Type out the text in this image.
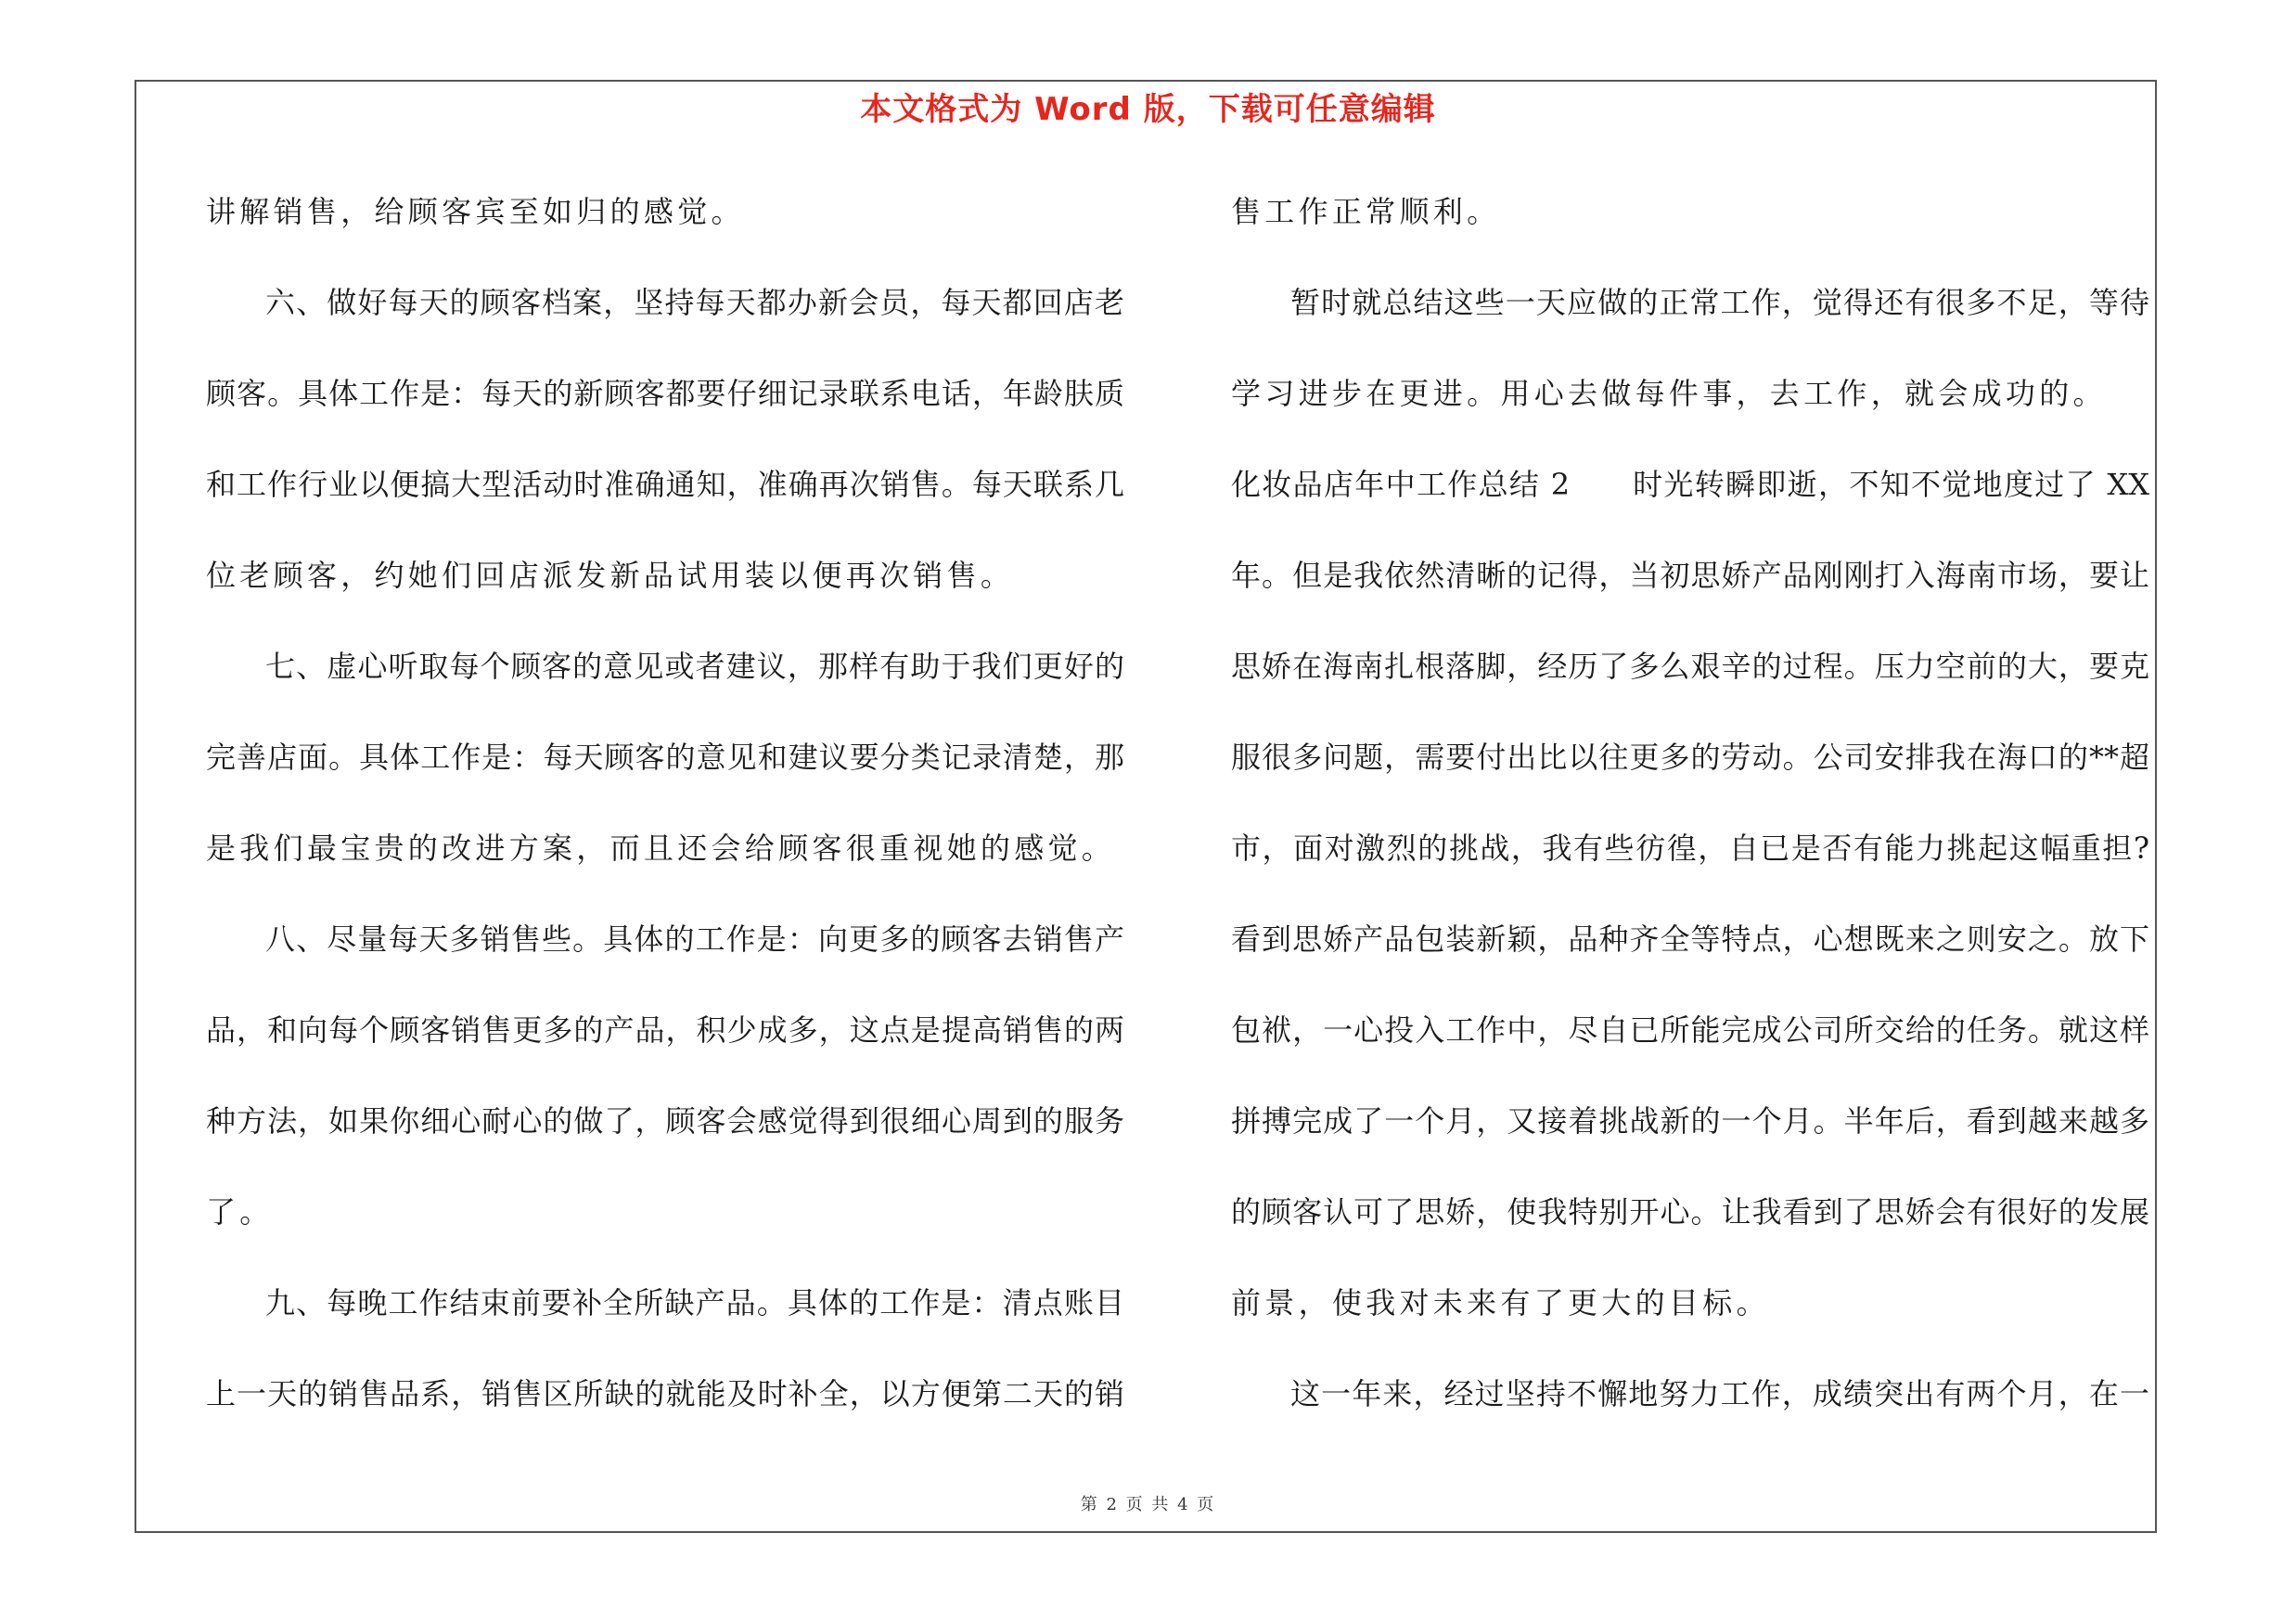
本文格式为 Word 版，下载可任意编辑
讲解销售，给顾客宾至如归的感觉。
六、做好每天的顾客档案，坚持每天都办新会员，每天都回店老
顾客。具体工作是：每天的新顾客都要仔细记录联系电话，年龄肤质
和工作行业以便搞大型活动时准确通知，准确再次销售。每天联系几
位老顾客，约她们回店派发新品试用装以便再次销售。
七、虚心听取每个顾客的意见或者建议，那样有助于我们更好的
完善店面。具体工作是：每天顾客的意见和建议要分类记录清楚，那
是我们最宝贵的改进方案，而且还会给顾客很重视她的感觉。
八、尽量每天多销售些。具体的工作是：向更多的顾客去销售产
品，和向每个顾客销售更多的产品，积少成多，这点是提高销售的两
种方法，如果你细心耐心的做了，顾客会感觉得到很细心周到的服务
了。
九、每晚工作结束前要补全所缺产品。具体的工作是：清点账目
上一天的销售品系，销售区所缺的就能及时补全，以方便第二天的销
售工作正常顺利。
暂时就总结这些一天应做的正常工作，觉得还有很多不足，等待
学习进步在更进。用心去做每件事，去工作，就会成功的。
化妆品店年中工作总结 2　　时光转瞬即逝，不知不觉地度过了 XX
年。但是我依然清晰的记得，当初思娇产品刚刚打入海南市场，要让
思娇在海南扎根落脚，经历了多么艰辛的过程。压力空前的大，要克
服很多问题，需要付出比以往更多的劳动。公司安排我在海口的**超
市，面对激烈的挑战，我有些彷徨，自已是否有能力挑起这幅重担?
看到思娇产品包装新颖，品种齐全等特点，心想既来之则安之。放下
包袱，一心投入工作中，尽自已所能完成公司所交给的任务。就这样
拼搏完成了一个月，又接着挑战新的一个月。半年后，看到越来越多
的顾客认可了思娇，使我特别开心。让我看到了思娇会有很好的发展
前景，使我对未来有了更大的目标。
这一年来，经过坚持不懈地努力工作，成绩突出有两个月，在一
第 2 页 共 4 页
